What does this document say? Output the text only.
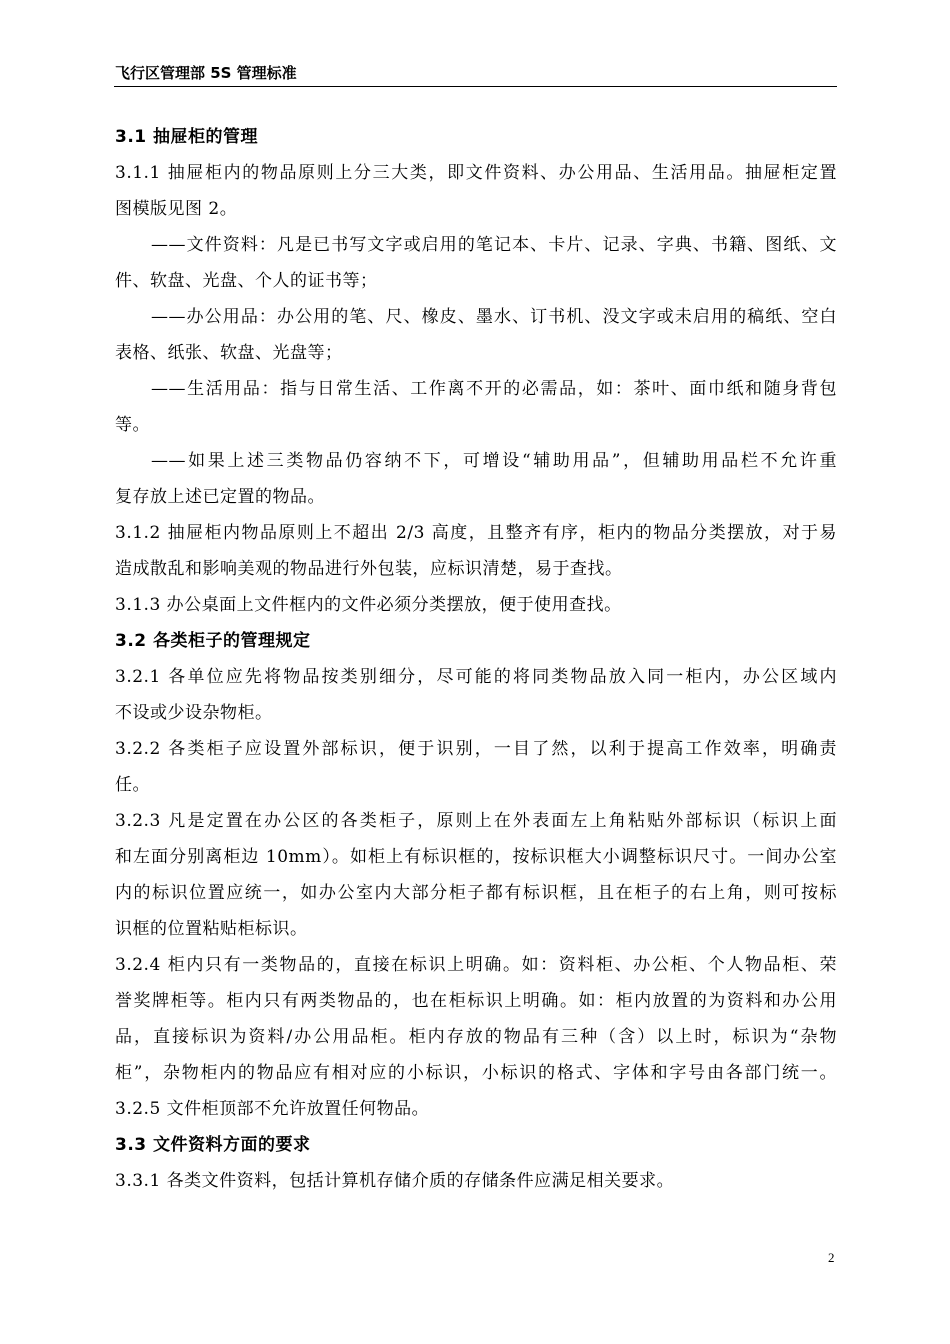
飞行区管理部 5S 管理标准
3.1 抽屉柜的管理
3.1.1 抽屉柜内的物品原则上分三大类，即文件资料、办公用品、生活用品。抽屉柜定置
图模版见图 2。
——文件资料：凡是已书写文字或启用的笔记本、卡片、记录、字典、书籍、图纸、文
件、软盘、光盘、个人的证书等；
——办公用品：办公用的笔、尺、橡皮、墨水、订书机、没文字或未启用的稿纸、空白
表格、纸张、软盘、光盘等；
——生活用品：指与日常生活、工作离不开的必需品，如：茶叶、面巾纸和随身背包
等。
——如果上述三类物品仍容纳不下，可增设“辅助用品”，但辅助用品栏不允许重
复存放上述已定置的物品。
3.1.2 抽屉柜内物品原则上不超出 2/3 高度，且整齐有序，柜内的物品分类摆放，对于易
造成散乱和影响美观的物品进行外包装，应标识清楚，易于查找。
3.1.3 办公桌面上文件框内的文件必须分类摆放，便于使用查找。
3.2 各类柜子的管理规定
3.2.1 各单位应先将物品按类别细分，尽可能的将同类物品放入同一柜内，办公区域内
不设或少设杂物柜。
3.2.2 各类柜子应设置外部标识，便于识别，一目了然，以利于提高工作效率，明确责
任。
3.2.3 凡是定置在办公区的各类柜子，原则上在外表面左上角粘贴外部标识（标识上面
和左面分别离柜边 10mm）。如柜上有标识框的，按标识框大小调整标识尺寸。一间办公室
内的标识位置应统一，如办公室内大部分柜子都有标识框，且在柜子的右上角，则可按标
识框的位置粘贴柜标识。
3.2.4 柜内只有一类物品的，直接在标识上明确。如：资料柜、办公柜、个人物品柜、荣
誉奖牌柜等。柜内只有两类物品的，也在柜标识上明确。如：柜内放置的为资料和办公用
品，直接标识为资料/办公用品柜。柜内存放的物品有三种（含）以上时，标识为“杂物
柜”，杂物柜内的物品应有相对应的小标识，小标识的格式、字体和字号由各部门统一。
3.2.5 文件柜顶部不允许放置任何物品。
3.3 文件资料方面的要求
3.3.1 各类文件资料，包括计算机存储介质的存储条件应满足相关要求。
2
